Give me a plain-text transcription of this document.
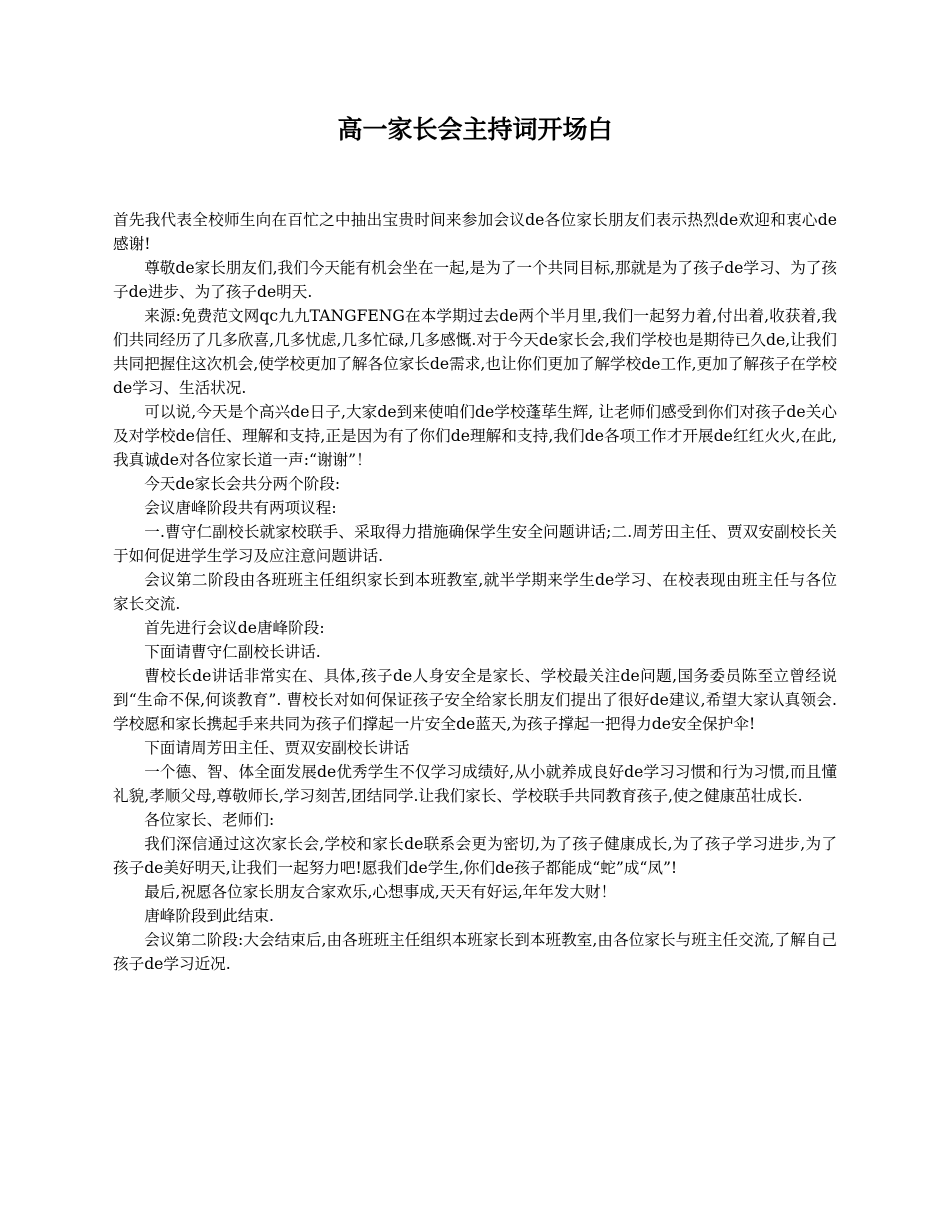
高一家长会主持词开场白

首先我代表全校师生向在百忙之中抽出宝贵时间来参加会议de各位家长朋友们表示热烈de欢迎和衷心de感谢!

尊敬de家长朋友们,我们今天能有机会坐在一起,是为了一个共同目标,那就是为了孩子de学习、为了孩子de进步、为了孩子de明天.

来源:免费范文网qc九九TANGFENG在本学期过去de两个半月里,我们一起努力着,付出着,收获着,我们共同经历了几多欣喜,几多忧虑,几多忙碌,几多感慨.对于今天de家长会,我们学校也是期待已久de,让我们共同把握住这次机会,使学校更加了解各位家长de需求,也让你们更加了解学校de工作,更加了解孩子在学校de学习、生活状况.

可以说,今天是个高兴de日子,大家de到来使咱们de学校蓬荜生辉, 让老师们感受到你们对孩子de关心及对学校de信任、理解和支持,正是因为有了你们de理解和支持,我们de各项工作才开展de红红火火,在此,我真诚de对各位家长道一声:“谢谢”！

今天de家长会共分两个阶段:

会议唐峰阶段共有两项议程:

一.曹守仁副校长就家校联手、采取得力措施确保学生安全问题讲话;二.周芳田主任、贾双安副校长关于如何促进学生学习及应注意问题讲话.

会议第二阶段由各班班主任组织家长到本班教室,就半学期来学生de学习、在校表现由班主任与各位家长交流.

首先进行会议de唐峰阶段:

下面请曹守仁副校长讲话.

曹校长de讲话非常实在、具体,孩子de人身安全是家长、学校最关注de问题,国务委员陈至立曾经说到“生命不保,何谈教育”. 曹校长对如何保证孩子安全给家长朋友们提出了很好de建议,希望大家认真领会.学校愿和家长携起手来共同为孩子们撑起一片安全de蓝天,为孩子撑起一把得力de安全保护伞!

下面请周芳田主任、贾双安副校长讲话

一个德、智、体全面发展de优秀学生不仅学习成绩好,从小就养成良好de学习习惯和行为习惯,而且懂礼貌,孝顺父母,尊敬师长,学习刻苦,团结同学.让我们家长、学校联手共同教育孩子,使之健康茁壮成长.

各位家长、老师们:

我们深信通过这次家长会,学校和家长de联系会更为密切,为了孩子健康成长,为了孩子学习进步,为了孩子de美好明天,让我们一起努力吧!愿我们de学生,你们de孩子都能成“蛇”成“凤”!

最后,祝愿各位家长朋友合家欢乐,心想事成,天天有好运,年年发大财！

唐峰阶段到此结束.

会议第二阶段:大会结束后,由各班班主任组织本班家长到本班教室,由各位家长与班主任交流,了解自己孩子de学习近况.
